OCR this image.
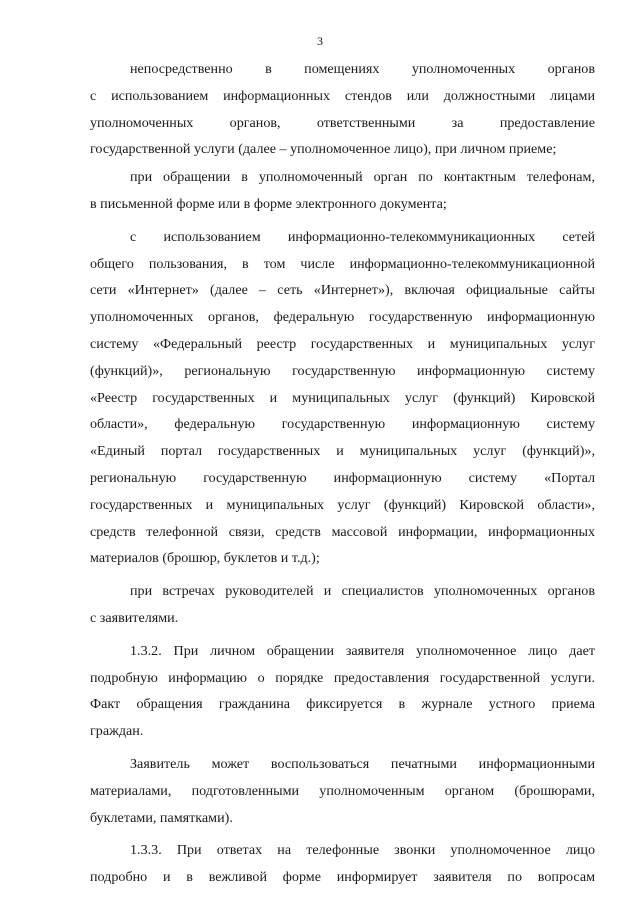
3
непосредственно в помещениях уполномоченных органов
с использованием информационных стендов или должностными лицами
уполномоченных органов, ответственными за предоставление
государственной услуги (далее – уполномоченное лицо), при личном приеме;
при обращении в уполномоченный орган по контактным телефонам,
в письменной форме или в форме электронного документа;
с использованием информационно-телекоммуникационных сетей
общего пользования, в том числе информационно-телекоммуникационной
сети «Интернет» (далее – сеть «Интернет»), включая официальные сайты
уполномоченных органов, федеральную государственную информационную
систему «Федеральный реестр государственных и муниципальных услуг
(функций)», региональную государственную информационную систему
«Реестр государственных и муниципальных услуг (функций) Кировской
области», федеральную государственную информационную систему
«Единый портал государственных и муниципальных услуг (функций)»,
региональную государственную информационную систему «Портал
государственных и муниципальных услуг (функций) Кировской области»,
средств телефонной связи, средств массовой информации, информационных
материалов (брошюр, буклетов и т.д.);
при встречах руководителей и специалистов уполномоченных органов
с заявителями.
1.3.2. При личном обращении заявителя уполномоченное лицо дает
подробную информацию о порядке предоставления государственной услуги.
Факт обращения гражданина фиксируется в журнале устного приема
граждан.
Заявитель может воспользоваться печатными информационными
материалами, подготовленными уполномоченным органом (брошюрами,
буклетами, памятками).
1.3.3. При ответах на телефонные звонки уполномоченное лицо
подробно и в вежливой форме информирует заявителя по вопросам
